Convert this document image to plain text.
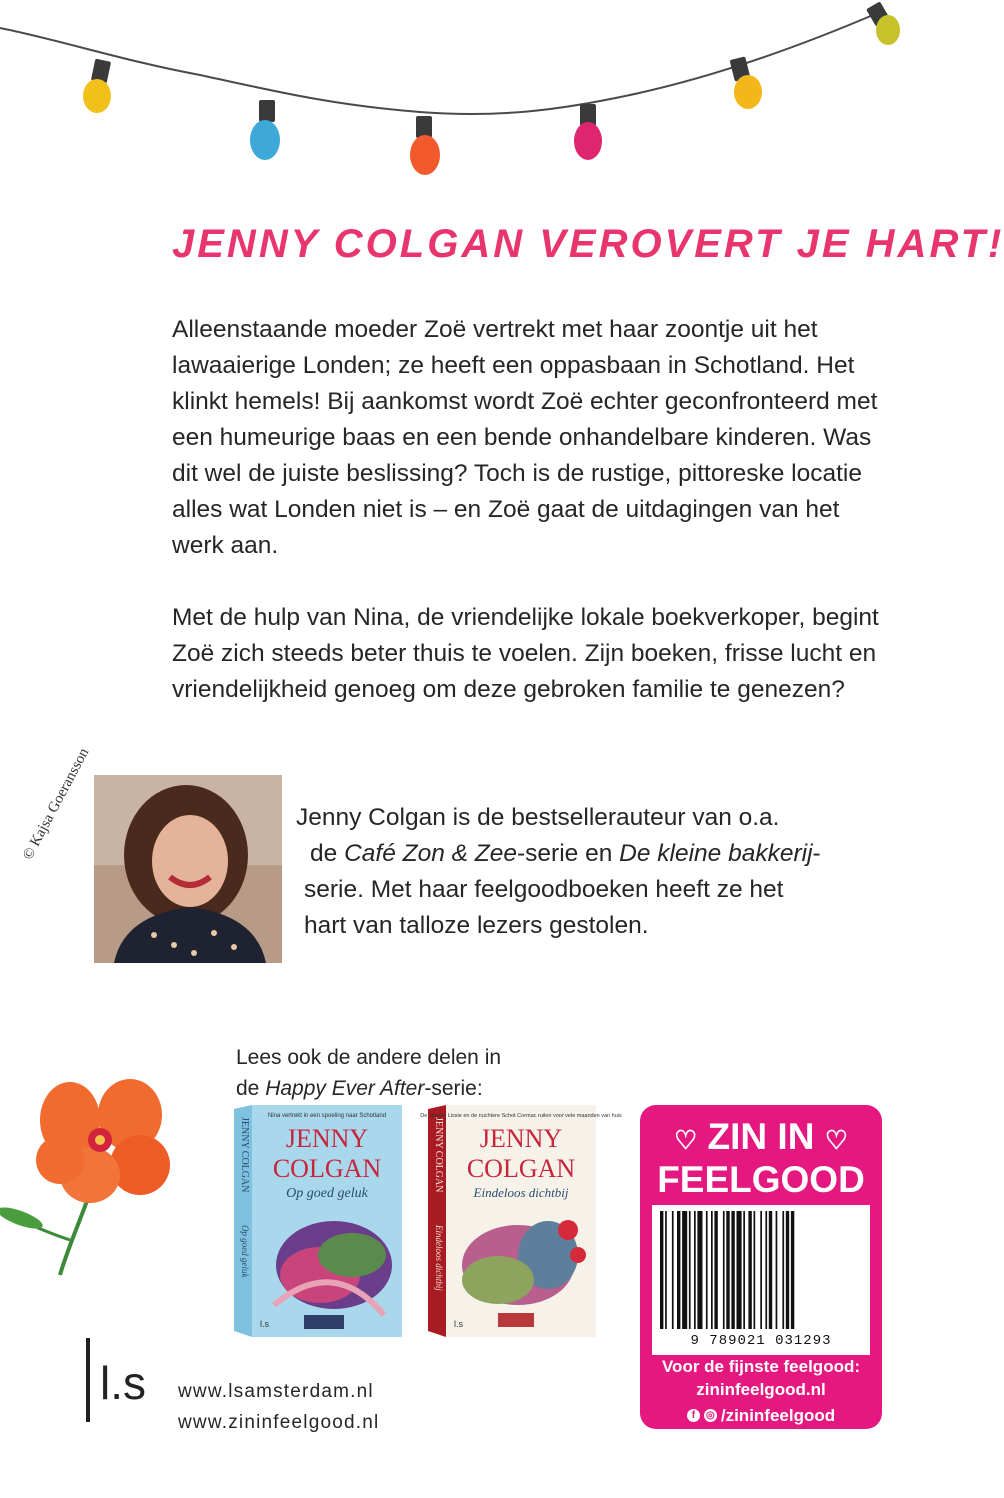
JENNY COLGAN VEROVERT JE HART!

Alleenstaande moeder Zoë vertrekt met haar zoontje uit het lawaaierige Londen; ze heeft een oppasbaan in Schotland. Het klinkt hemels! Bij aankomst wordt Zoë echter geconfronteerd met een humeurige baas en een bende onhandelbare kinderen. Was dit wel de juiste beslissing? Toch is de rustige, pittoreske locatie alles wat Londen niet is – en Zoë gaat de uitdagingen van het werk aan.

Met de hulp van Nina, de vriendelijke lokale boekverkoper, begint Zoë zich steeds beter thuis te voelen. Zijn boeken, frisse lucht en vriendelijkheid genoeg om deze gebroken familie te genezen?

© Kajsa Goeransson	Jenny Colgan is de bestsellerauteur van o.a.
de Café Zon & Zee-serie en De kleine bakkerij-
serie. Met haar feelgoodboeken heeft ze het
hart van talloze lezers gestolen.
Lees ook de andere delen in
de Happy Ever After-serie:
JENNY COLGAN
Op goed geluk
Nina vertrekt in een spoeling naar Schotland
JENNY
COLGAN
Op goed geluk
l.s
JENNY COLGAN
Eindeloos dichtbij
De stoelse Lissie en de nuchtere Schot Cormac ruilen voor vele maanden van huis
JENNY
COLGAN
Eindeloos dichtbij
l.s
l.s www.lsamsterdam.nl
www.zininfeelgood.nl
♡ ZIN IN ♡
FEELGOOD
9 789021 031293
Voor de fijnste feelgood:
zininfeelgood.nl
f	◎ /zininfeelgood
